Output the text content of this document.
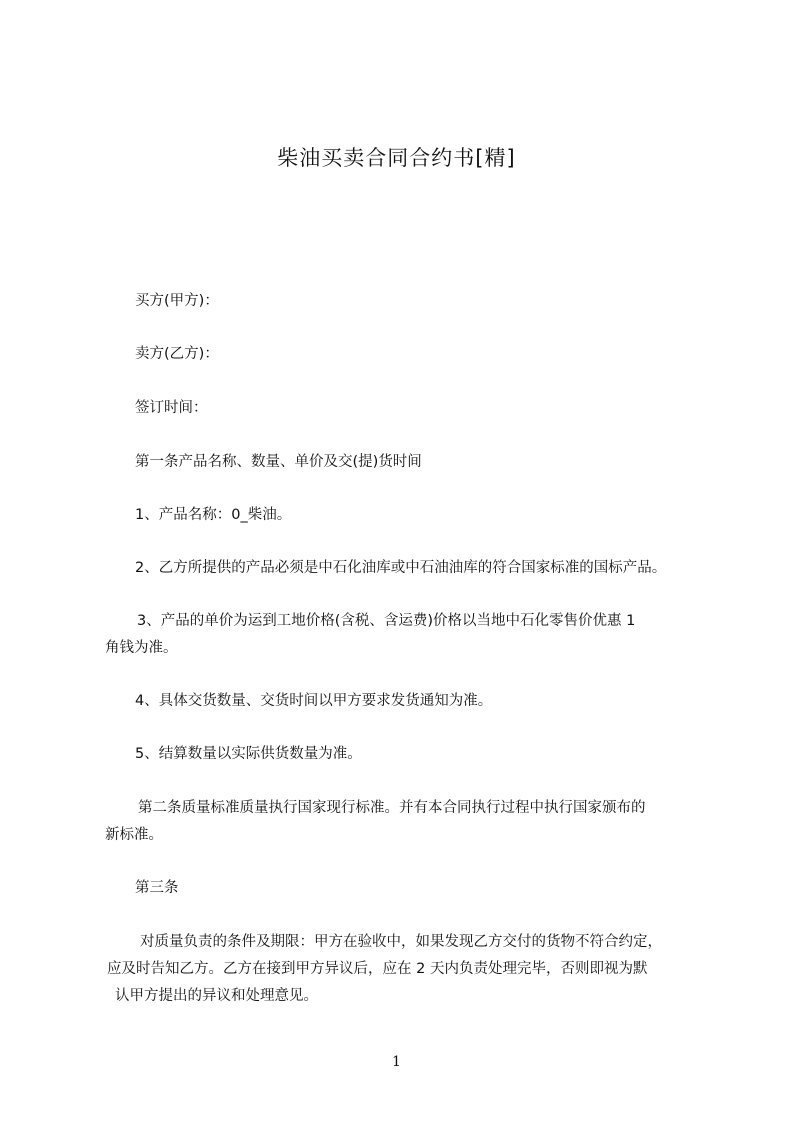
柴油买卖合同合约书[精]

买方(甲方)：

卖方(乙方)：

签订时间：

第一条产品名称、数量、单价及交(提)货时间

1、产品名称：0_柴油。

2、乙方所提供的产品必须是中石化油库或中石油油库的符合国家标准的国标产品。

3、产品的单价为运到工地价格(含税、含运费)价格以当地中石化零售价优惠 1
角钱为准。

4、具体交货数量、交货时间以甲方要求发货通知为准。

5、结算数量以实际供货数量为准。

第二条质量标准质量执行国家现行标准。并有本合同执行过程中执行国家颁布的
新标准。

第三条

对质量负责的条件及期限：甲方在验收中，如果发现乙方交付的货物不符合约定，
应及时告知乙方。乙方在接到甲方异议后，应在 2 天内负责处理完毕，否则即视为默
认甲方提出的异议和处理意见。

1
